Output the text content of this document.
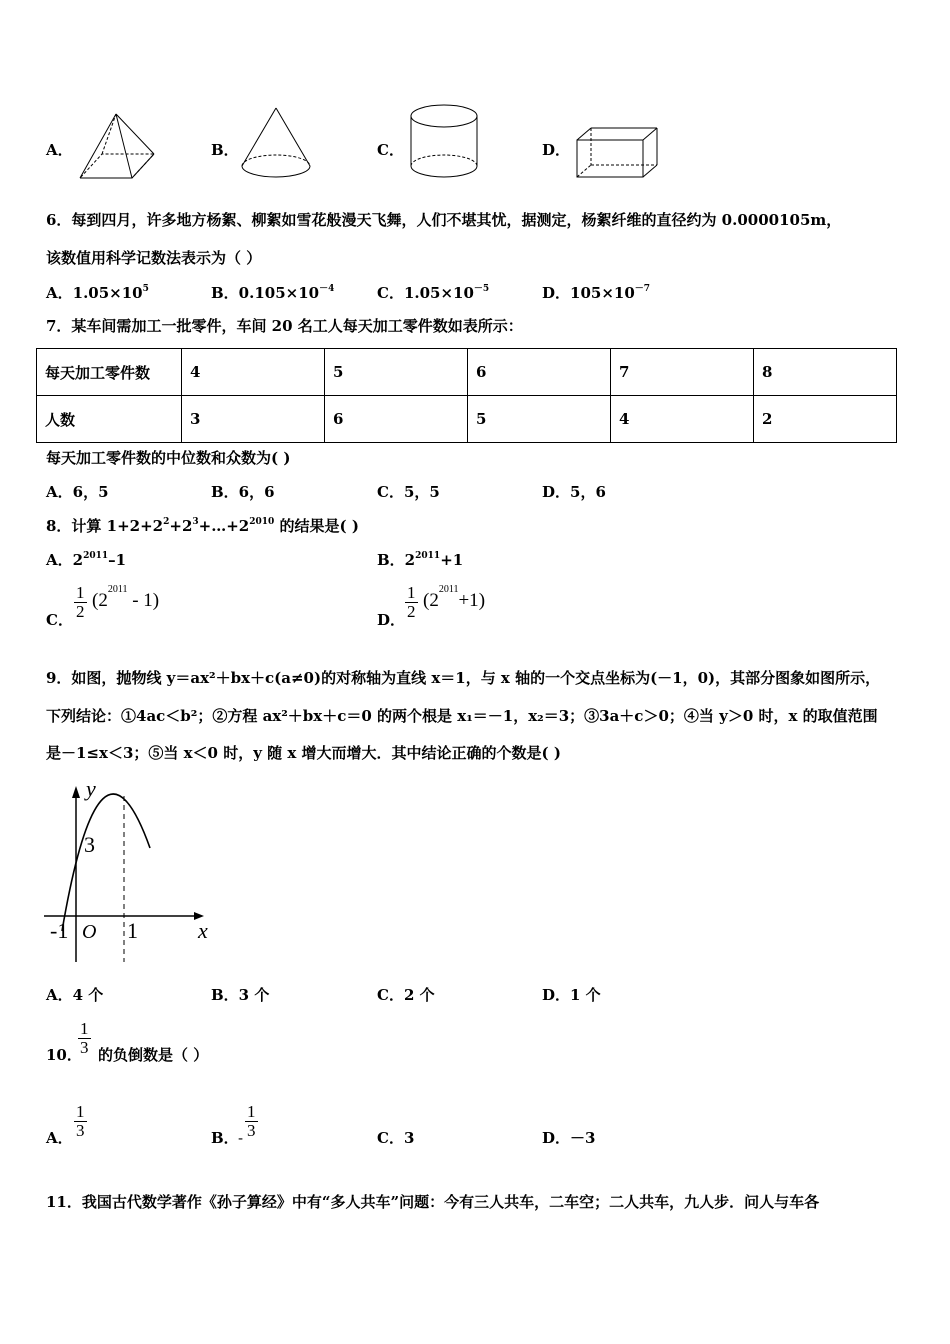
A．	B．	C．	D．
6．每到四月，许多地方杨絮、柳絮如雪花般漫天飞舞，人们不堪其忧，据测定，杨絮纤维的直径约为 0.0000105m，
该数值用科学记数法表示为（ ）
A．$1.05\times 10^5$	B．$0.105\times 10^{-4}$	C．$1.05\times 10^{-5}$	D．$105\times 10^{-7}$
7．某车间需加工一批零件，车间 20 名工人每天加工零件数如表所示：
每天加工零件数	4	5	6	7	8
人数	3	6	5	4	2
每天加工零件数的中位数和众数为( )
A．6，5	B．6，6	C．5，5	D．5，6
8．计算 $1+2+2^2+2^3+\dots+2^{2010}$ 的结果是( )
A．$2^{2011}-1$	B．$2^{2011}+1$
C．
1
2
$(2^{2011} - 1)$
D．
1
2
$(2^{2011}+1)$
9．如图，抛物线 y＝ax²＋bx＋c(a≠0)的对称轴为直线 x＝1，与 x 轴的一个交点坐标为(－1，0)，其部分图象如图所示，
下列结论：①4ac＜b²；②方程 ax²＋bx＋c＝0 的两个根是 x₁＝－1，x₂＝3；③3a＋c＞0；④当 y＞0 时，x 的取值范围
是－1≤x＜3；⑤当 x＜0 时，y 随 x 增大而增大．其中结论正确的个数是( )
y
x
O
3
-1	1
A．4 个	B．3 个	C．2 个	D．1 个
10．
1
3 的负倒数是（ ）
A．
1
3	B． -
1
3	C．3	D．－3
11．我国古代数学著作《孙子算经》中有“多人共车”问题：今有三人共车，二车空；二人共车，九人步．问人与车各
